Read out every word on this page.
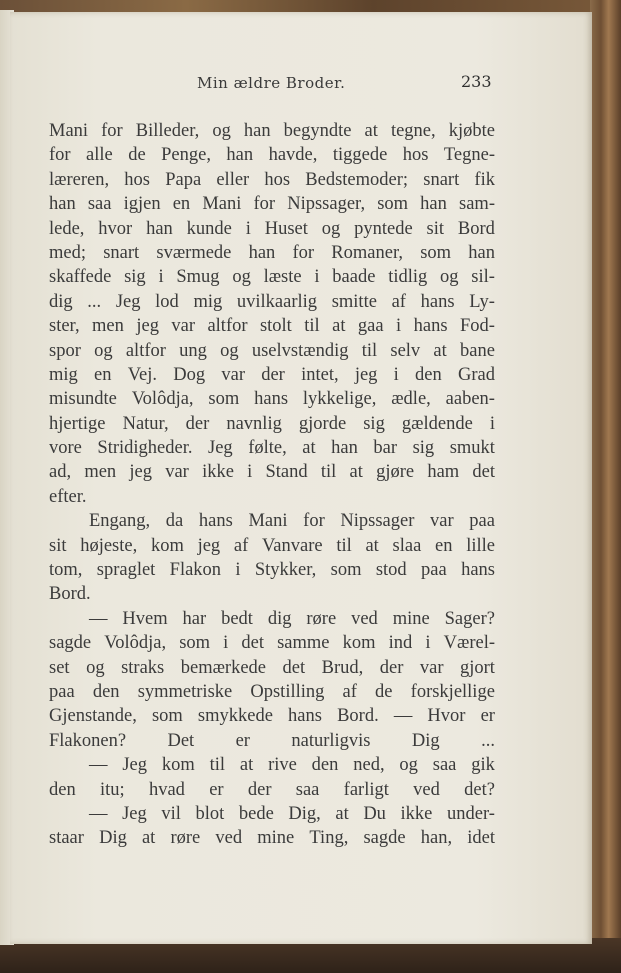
Min ældre Broder.	233
Mani for Billeder, og han begyndte at tegne, kjøbte
for alle de Penge, han havde, tiggede hos Tegne-
læreren, hos Papa eller hos Bedstemoder; snart fik
han saa igjen en Mani for Nipssager, som han sam-
lede, hvor han kunde i Huset og pyntede sit Bord
med; snart sværmede han for Romaner, som han
skaffede sig i Smug og læste i baade tidlig og sil-
dig ... Jeg lod mig uvilkaarlig smitte af hans Ly-
ster, men jeg var altfor stolt til at gaa i hans Fod-
spor og altfor ung og uselvstændig til selv at bane
mig en Vej. Dog var der intet, jeg i den Grad
misundte Volôdja, som hans lykkelige, ædle, aaben-
hjertige Natur, der navnlig gjorde sig gældende i
vore Stridigheder. Jeg følte, at han bar sig smukt
ad, men jeg var ikke i Stand til at gjøre ham det
efter.
Engang, da hans Mani for Nipssager var paa
sit højeste, kom jeg af Vanvare til at slaa en lille
tom, spraglet Flakon i Stykker, som stod paa hans
Bord.
— Hvem har bedt dig røre ved mine Sager?
sagde Volôdja, som i det samme kom ind i Værel-
set og straks bemærkede det Brud, der var gjort
paa den symmetriske Opstilling af de forskjellige
Gjenstande, som smykkede hans Bord. — Hvor er
Flakonen? Det er naturligvis Dig ...
— Jeg kom til at rive den ned, og saa gik
den itu; hvad er der saa farligt ved det?
— Jeg vil blot bede Dig, at Du ikke under-
staar Dig at røre ved mine Ting, sagde han, idet
